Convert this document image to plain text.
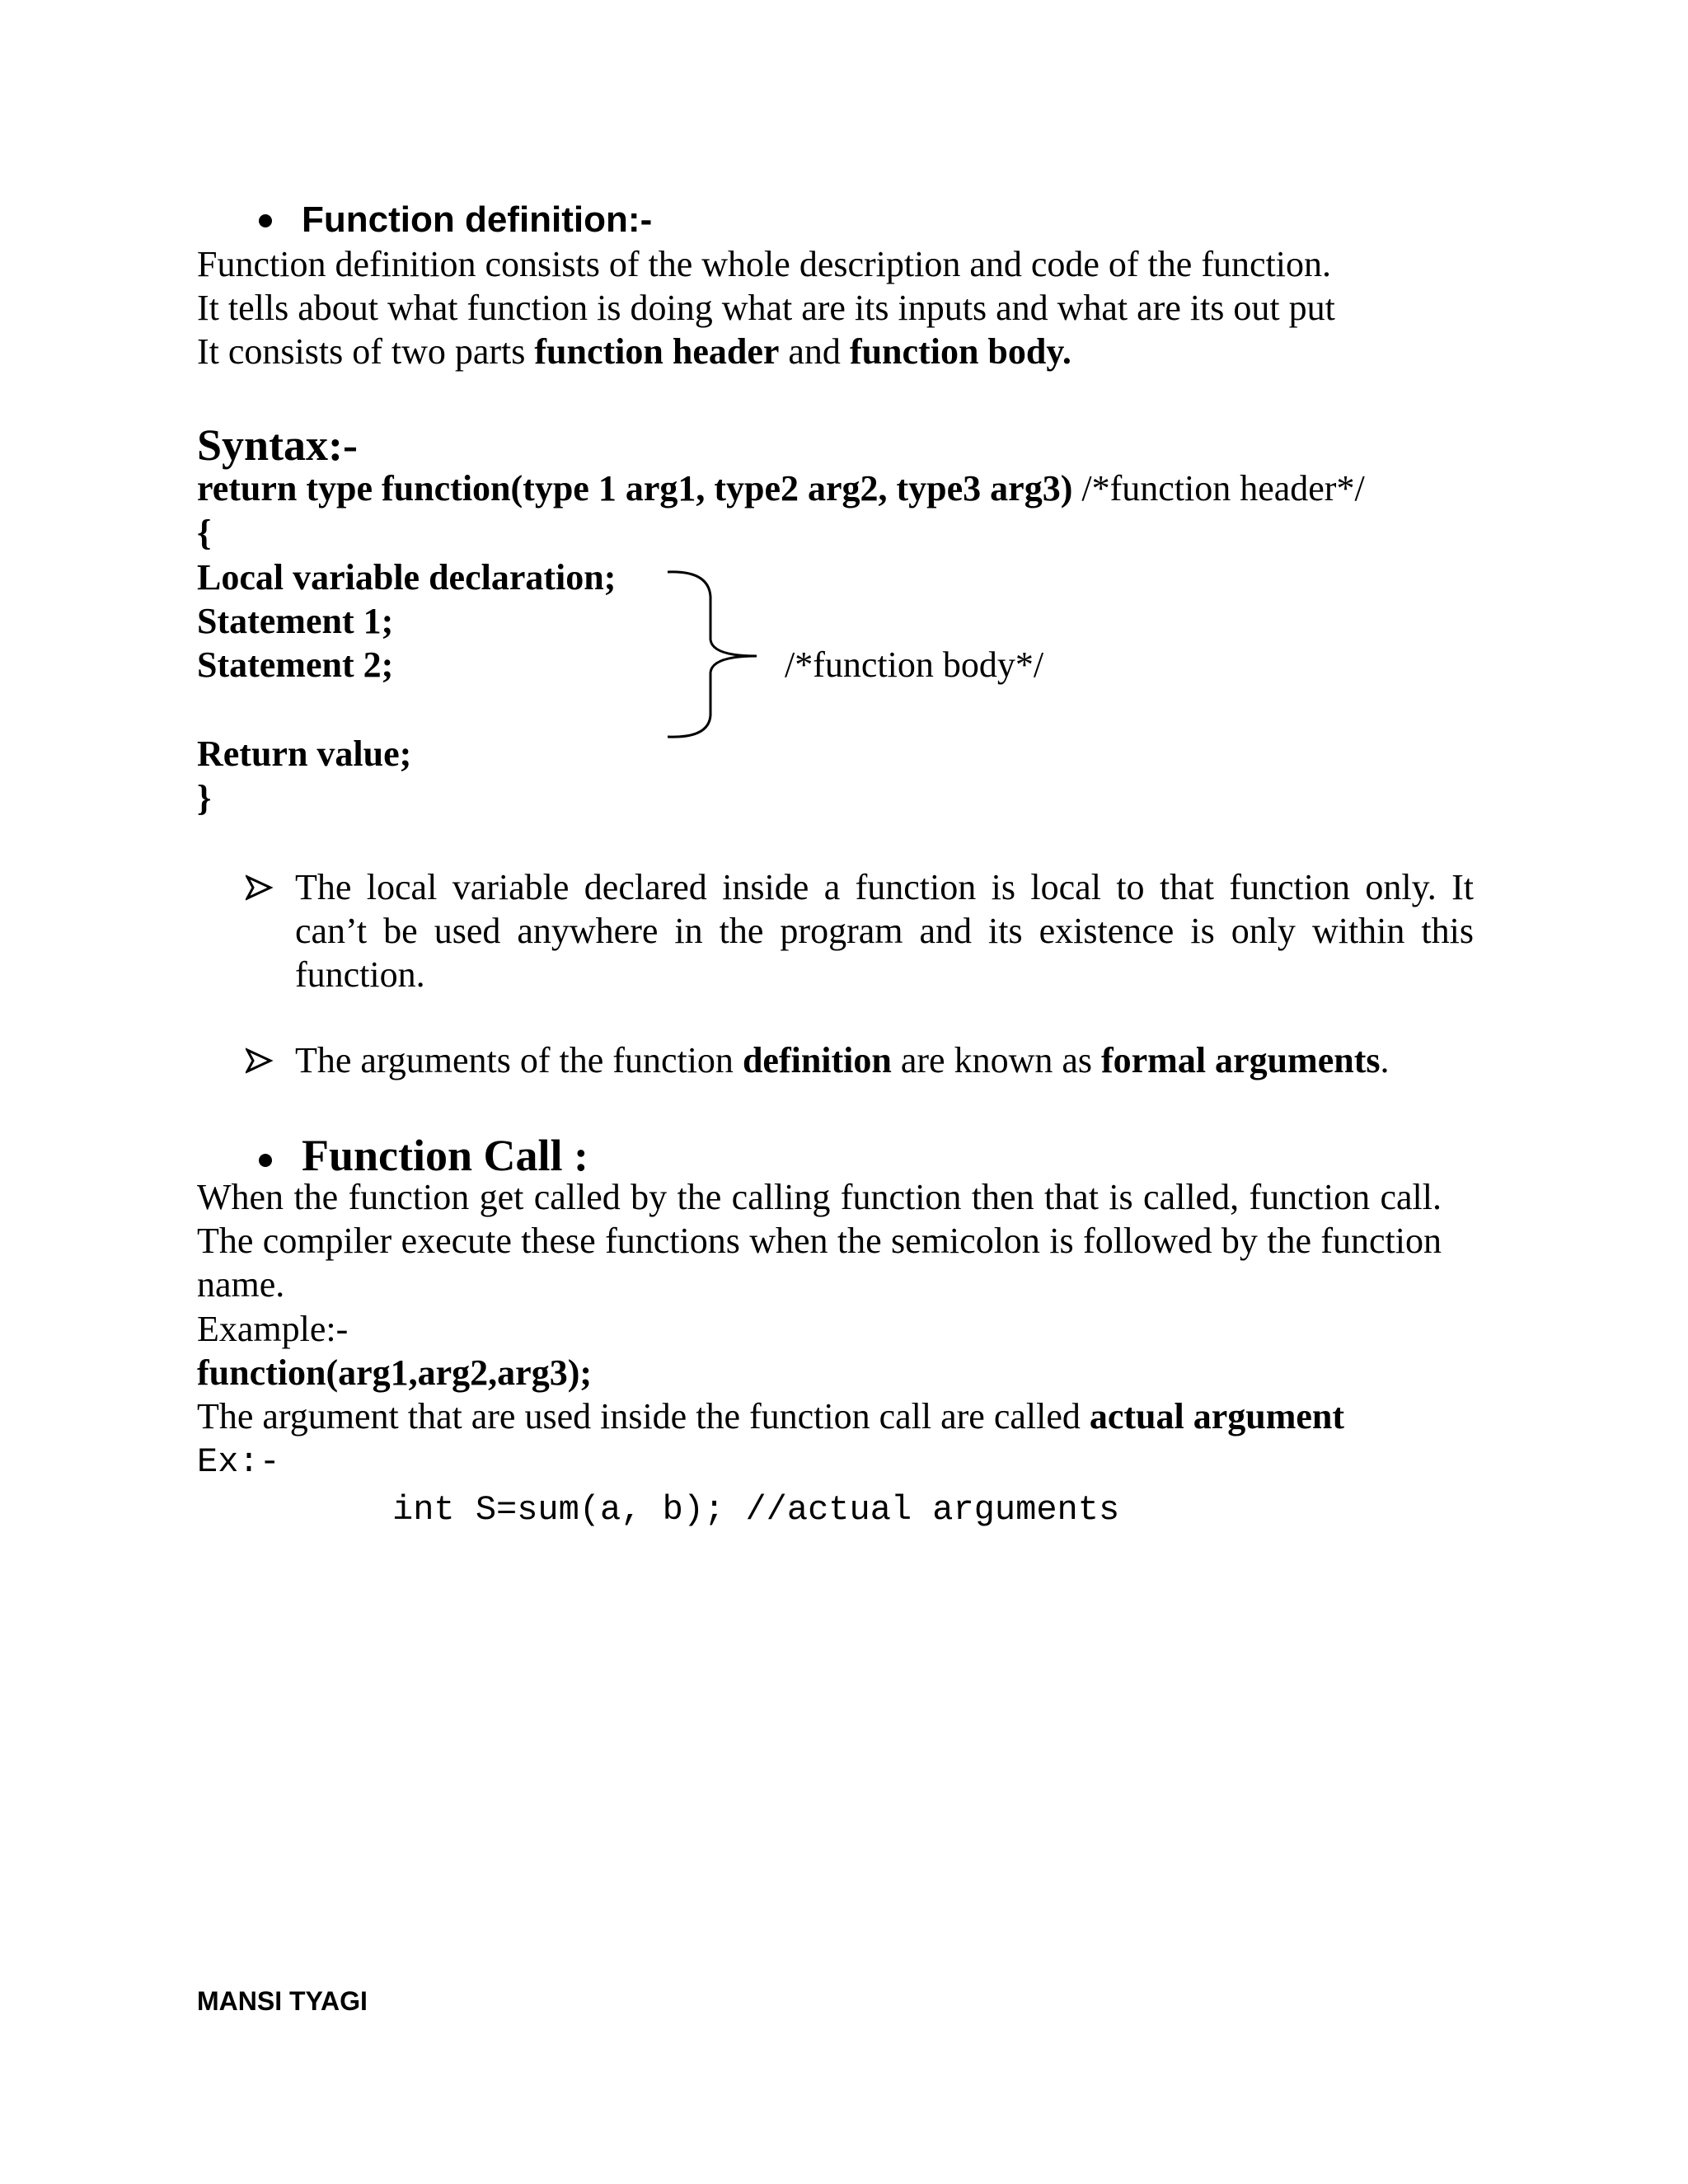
Function definition:-
Function definition consists of the whole description and code of the function.
It tells about what function is doing what are its inputs and what are its out put
It consists of two parts function header and function body.
Syntax:-
return type function(type 1 arg1, type2 arg2, type3 arg3) /*function header*/
{
Local variable declaration;
Statement 1;
Statement 2;	/*function body*/
Return value;
}
The local variable declared inside a function is local to that function only. It can’t be used anywhere in the program and its existence is only within this function.
The arguments of the function definition are known as formal arguments.
Function Call :
When the function get called by the calling function then that is called, function call. The compiler execute these functions when the semicolon is followed by the function name.
Example:-
function(arg1,arg2,arg3);
The argument that are used inside the function call are called actual argument
Ex:-
int S=sum(a, b); //actual arguments
MANSI TYAGI
